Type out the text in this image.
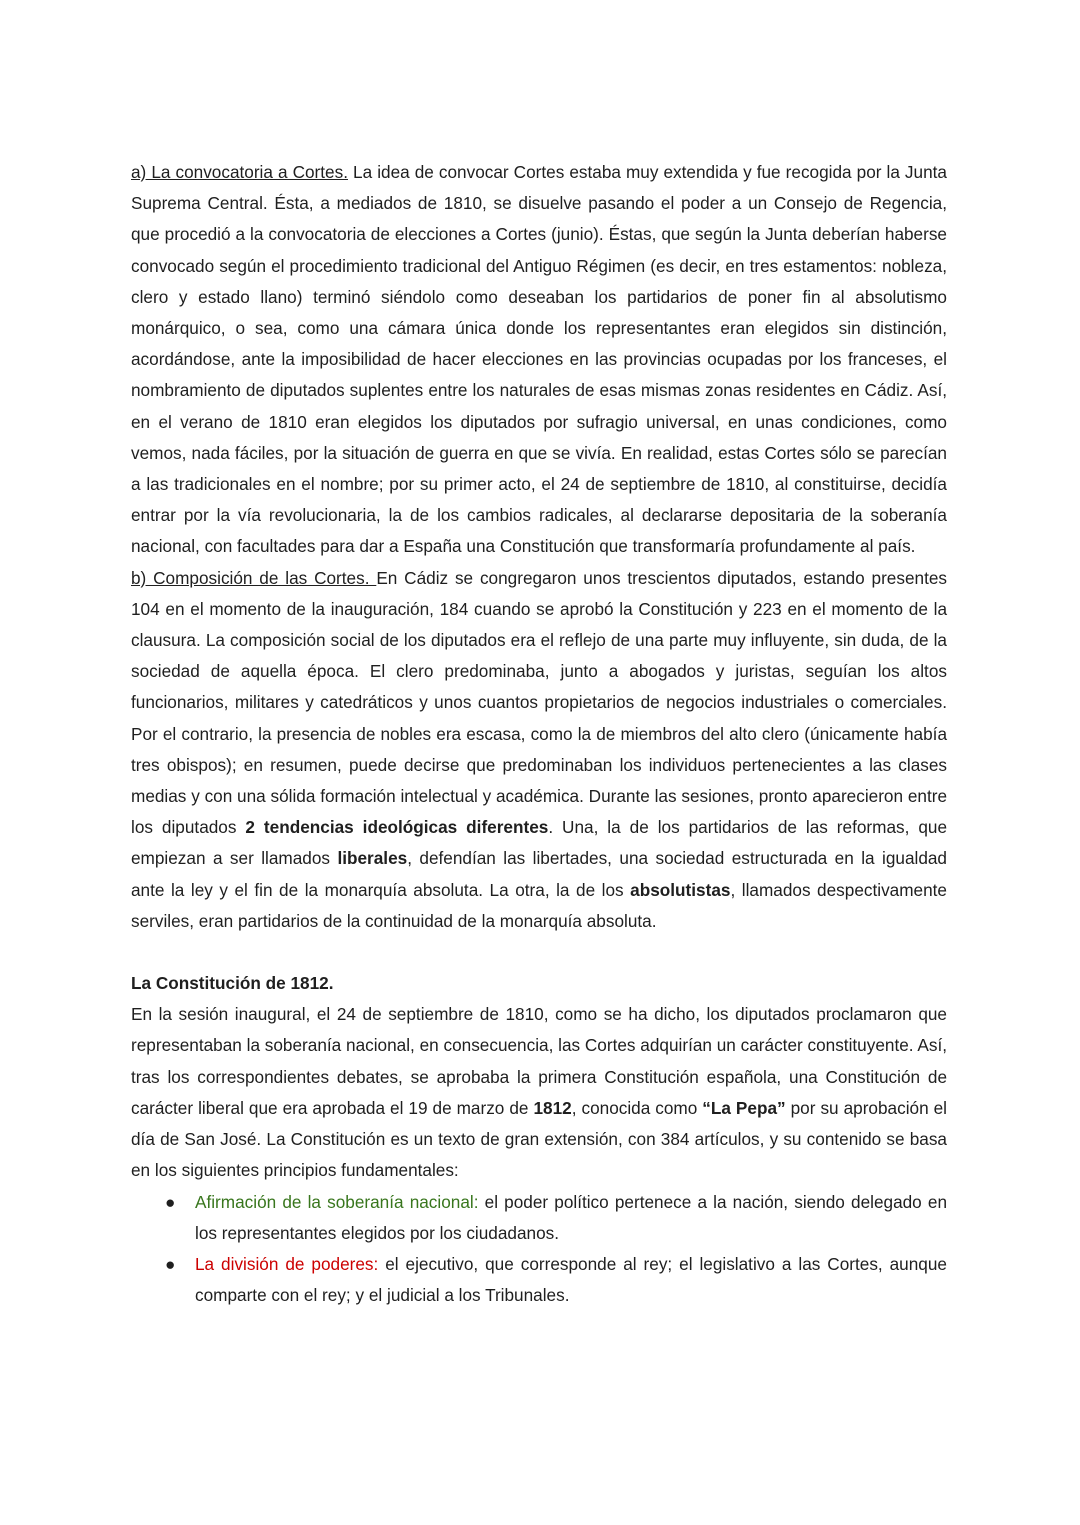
a) La convocatoria a Cortes. La idea de convocar Cortes estaba muy extendida y fue recogida por la Junta Suprema Central. Ésta, a mediados de 1810, se disuelve pasando el poder a un Consejo de Regencia, que procedió a la convocatoria de elecciones a Cortes (junio). Éstas, que según la Junta deberían haberse convocado según el procedimiento tradicional del Antiguo Régimen (es decir, en tres estamentos: nobleza, clero y estado llano) terminó siéndolo como deseaban los partidarios de poner fin al absolutismo monárquico, o sea, como una cámara única donde los representantes eran elegidos sin distinción, acordándose, ante la imposibilidad de hacer elecciones en las provincias ocupadas por los franceses, el nombramiento de diputados suplentes entre los naturales de esas mismas zonas residentes en Cádiz. Así, en el verano de 1810 eran elegidos los diputados por sufragio universal, en unas condiciones, como vemos, nada fáciles, por la situación de guerra en que se vivía. En realidad, estas Cortes sólo se parecían a las tradicionales en el nombre; por su primer acto, el 24 de septiembre de 1810, al constituirse, decidía entrar por la vía revolucionaria, la de los cambios radicales, al declararse depositaria de la soberanía nacional, con facultades para dar a España una Constitución que transformaría profundamente al país.

b) Composición de las Cortes. En Cádiz se congregaron unos trescientos diputados, estando presentes 104 en el momento de la inauguración, 184 cuando se aprobó la Constitución y 223 en el momento de la clausura. La composición social de los diputados era el reflejo de una parte muy influyente, sin duda, de la sociedad de aquella época. El clero predominaba, junto a abogados y juristas, seguían los altos funcionarios, militares y catedráticos y unos cuantos propietarios de negocios industriales o comerciales. Por el contrario, la presencia de nobles era escasa, como la de miembros del alto clero (únicamente había tres obispos); en resumen, puede decirse que predominaban los individuos pertenecientes a las clases medias y con una sólida formación intelectual y académica. Durante las sesiones, pronto aparecieron entre los diputados 2 tendencias ideológicas diferentes. Una, la de los partidarios de las reformas, que empiezan a ser llamados liberales, defendían las libertades, una sociedad estructurada en la igualdad ante la ley y el fin de la monarquía absoluta. La otra, la de los absolutistas, llamados despectivamente serviles, eran partidarios de la continuidad de la monarquía absoluta.

La Constitución de 1812.

En la sesión inaugural, el 24 de septiembre de 1810, como se ha dicho, los diputados proclamaron que representaban la soberanía nacional, en consecuencia, las Cortes adquirían un carácter constituyente. Así, tras los correspondientes debates, se aprobaba la primera Constitución española, una Constitución de carácter liberal que era aprobada el 19 de marzo de 1812, conocida como “La Pepa” por su aprobación el día de San José. La Constitución es un texto de gran extensión, con 384 artículos, y su contenido se basa en los siguientes principios fundamentales:

● Afirmación de la soberanía nacional: el poder político pertenece a la nación, siendo delegado en los representantes elegidos por los ciudadanos.
● La división de poderes: el ejecutivo, que corresponde al rey; el legislativo a las Cortes, aunque comparte con el rey; y el judicial a los Tribunales.
